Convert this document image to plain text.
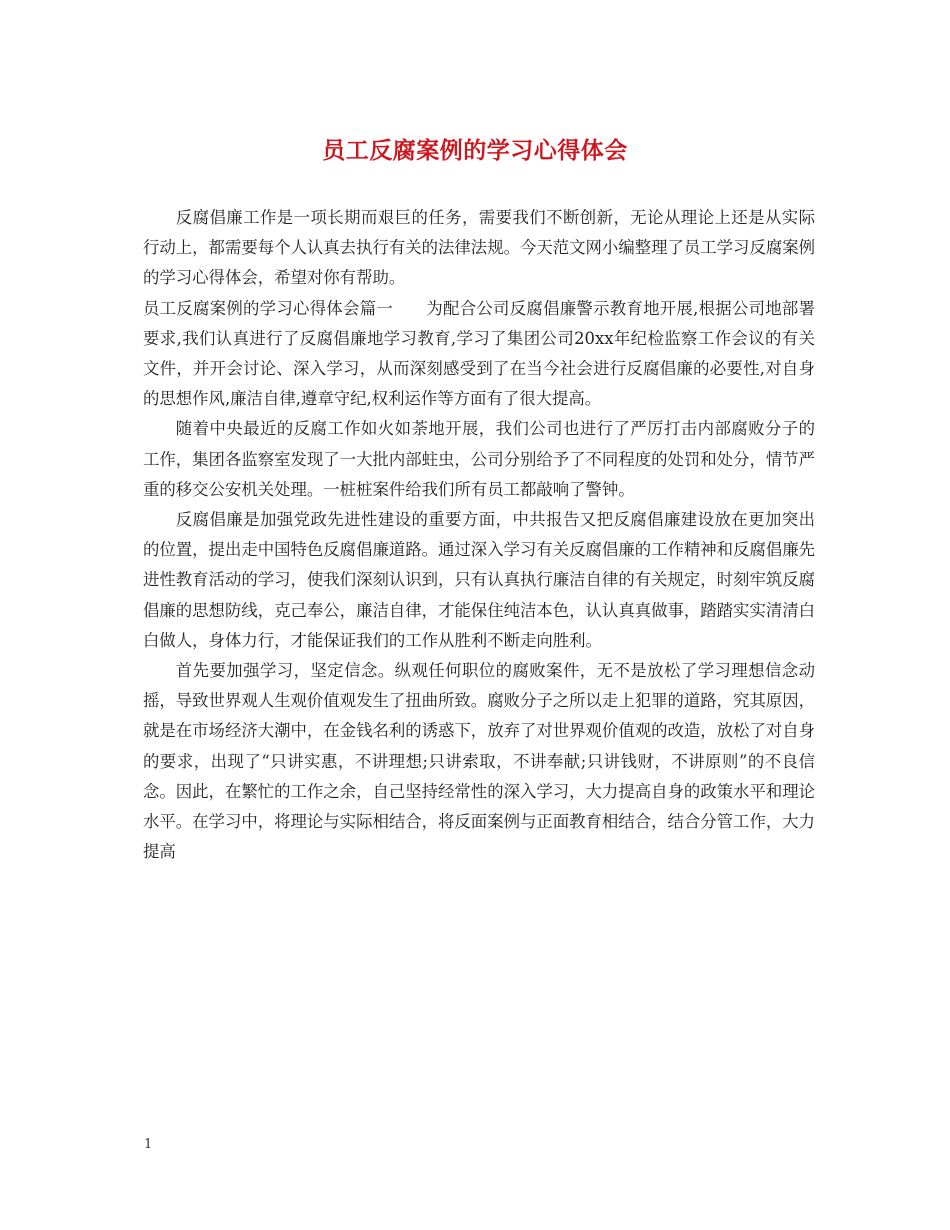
员工反腐案例的学习心得体会

反腐倡廉工作是一项长期而艰巨的任务，需要我们不断创新，无论从理论上还是从实际行动上，都需要每个人认真去执行有关的法律法规。今天范文网小编整理了员工学习反腐案例的学习心得体会，希望对你有帮助。

员工反腐案例的学习心得体会篇一　　为配合公司反腐倡廉警示教育地开展,根据公司地部署要求,我们认真进行了反腐倡廉地学习教育,学习了集团公司20xx年纪检监察工作会议的有关文件，并开会讨论、深入学习，从而深刻感受到了在当今社会进行反腐倡廉的必要性,对自身的思想作风,廉洁自律,遵章守纪,权利运作等方面有了很大提高。

随着中央最近的反腐工作如火如荼地开展，我们公司也进行了严厉打击内部腐败分子的工作，集团各监察室发现了一大批内部蛀虫，公司分别给予了不同程度的处罚和处分，情节严重的移交公安机关处理。一桩桩案件给我们所有员工都敲响了警钟。

反腐倡廉是加强党政先进性建设的重要方面，中共报告又把反腐倡廉建设放在更加突出的位置，提出走中国特色反腐倡廉道路。通过深入学习有关反腐倡廉的工作精神和反腐倡廉先进性教育活动的学习，使我们深刻认识到，只有认真执行廉洁自律的有关规定，时刻牢筑反腐倡廉的思想防线，克己奉公，廉洁自律，才能保住纯洁本色，认认真真做事，踏踏实实清清白白做人，身体力行，才能保证我们的工作从胜利不断走向胜利。

首先要加强学习，坚定信念。纵观任何职位的腐败案件，无不是放松了学习理想信念动摇，导致世界观人生观价值观发生了扭曲所致。腐败分子之所以走上犯罪的道路，究其原因，就是在市场经济大潮中，在金钱名利的诱惑下，放弃了对世界观价值观的改造，放松了对自身的要求，出现了“只讲实惠，不讲理想;只讲索取，不讲奉献;只讲钱财，不讲原则”的不良信念。因此，在繁忙的工作之余，自己坚持经常性的深入学习，大力提高自身的政策水平和理论水平。在学习中，将理论与实际相结合，将反面案例与正面教育相结合，结合分管工作，大力提高

1
